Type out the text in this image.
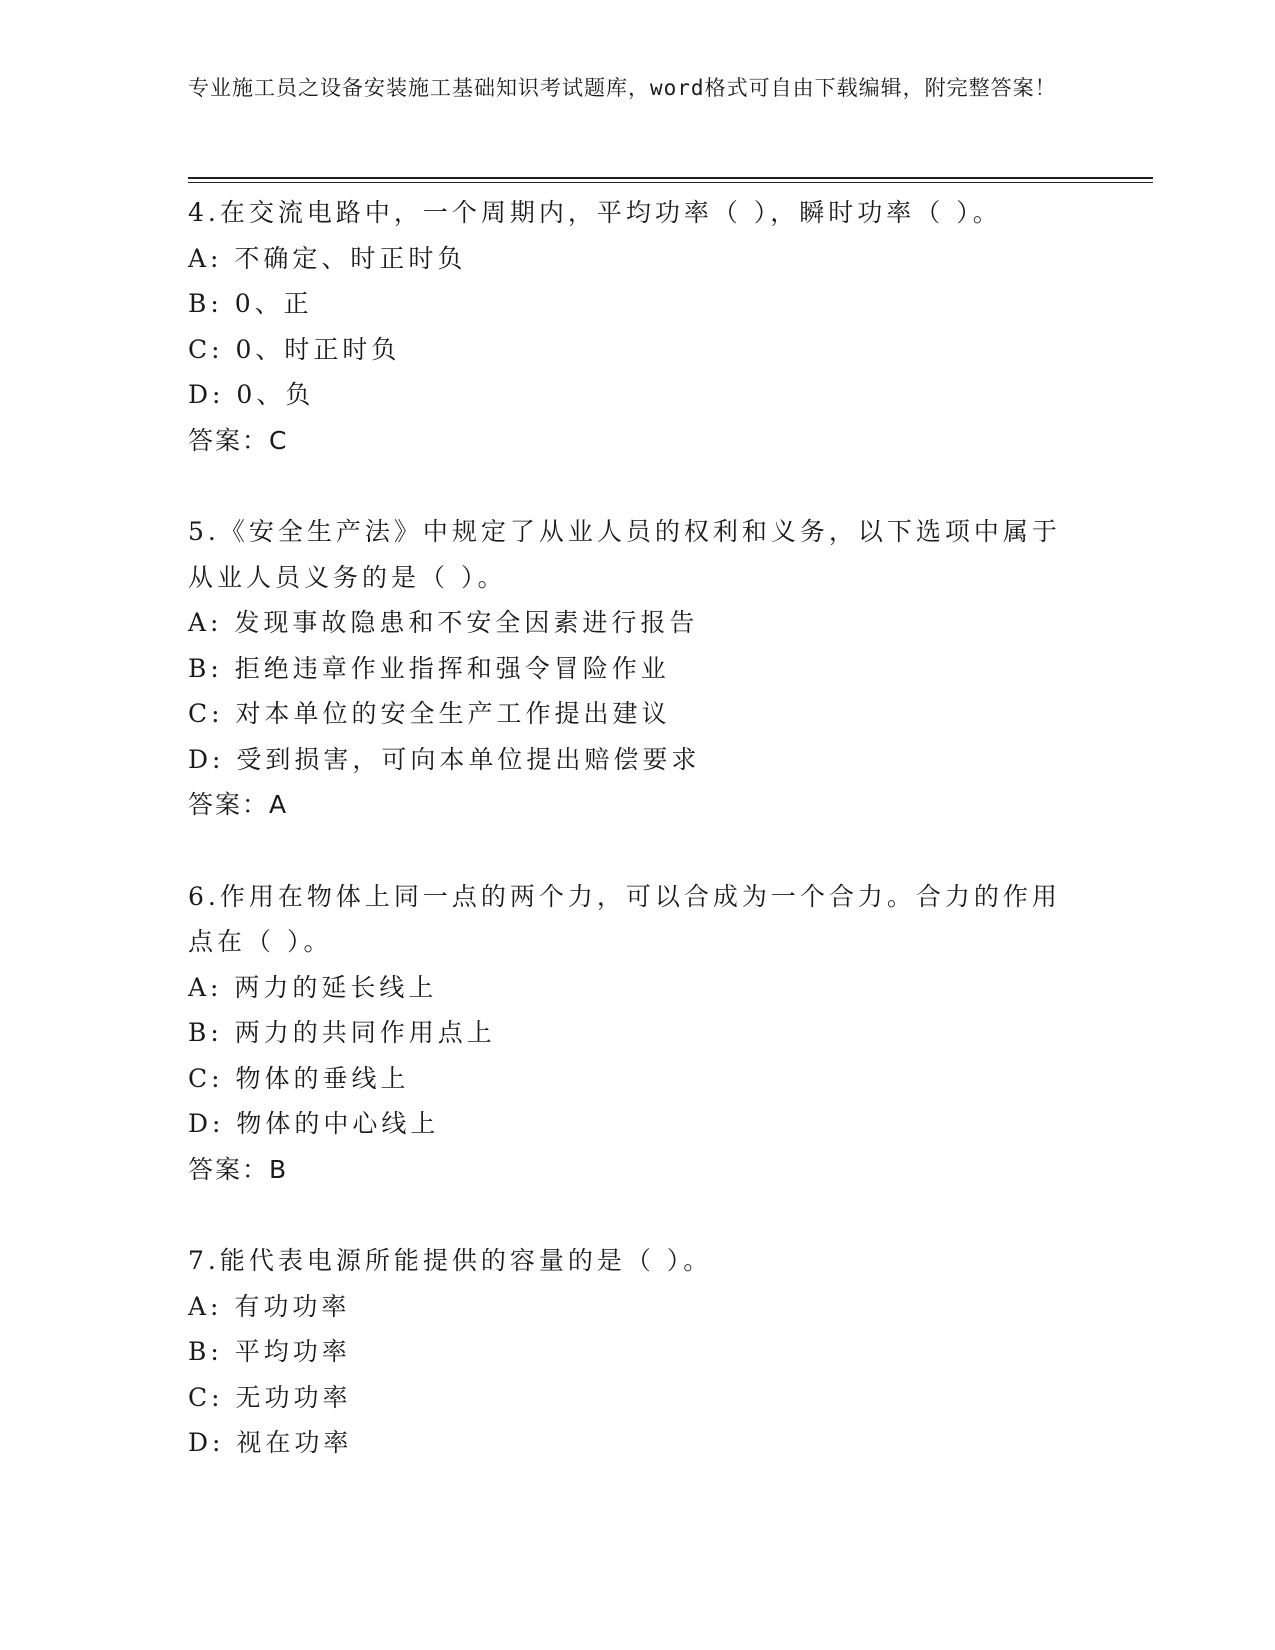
专业施工员之设备安装施工基础知识考试题库，word格式可自由下载编辑，附完整答案！
4.在交流电路中，一个周期内，平均功率（ ），瞬时功率（ ）。
A: 不确定、时正时负
B: 0、正
C: 0、时正时负
D: 0、负
答案：C
5.《安全生产法》中规定了从业人员的权利和义务，以下选项中属于从业人员义务的是（ ）。
A: 发现事故隐患和不安全因素进行报告
B: 拒绝违章作业指挥和强令冒险作业
C: 对本单位的安全生产工作提出建议
D: 受到损害，可向本单位提出赔偿要求
答案：A
6.作用在物体上同一点的两个力，可以合成为一个合力。合力的作用点在（ ）。
A: 两力的延长线上
B: 两力的共同作用点上
C: 物体的垂线上
D: 物体的中心线上
答案：B
7.能代表电源所能提供的容量的是（ ）。
A: 有功功率
B: 平均功率
C: 无功功率
D: 视在功率
